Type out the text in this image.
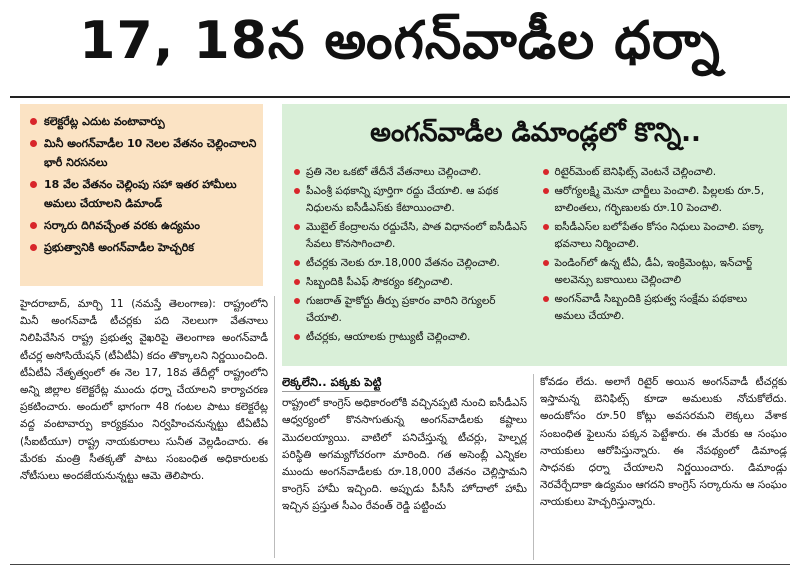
17, 18న అంగన్‌వాడీల ధర్నా
కలెక్టరేట్ల ఎదుట వంటావార్పు
మినీ అంగన్‌వాడీల 10 నెలల వేతనం చెల్లించాలని భారీ నిరసనలు
18 వేల వేతనం చెల్లింపు సహా ఇతర హామీలు అమలు చేయాలని డిమాండ్
సర్కారు దిగివచ్చేంత వరకు ఉద్యమం
ప్రభుత్వానికి అంగన్‌వాడీల హెచ్చరిక
అంగన్‌వాడీల డిమాండ్లలో కొన్ని..
ప్రతి నెల ఒకటో తేదీనే వేతనాలు చెల్లించాలి.
పీఎంశ్రీ పథకాన్ని పూర్తిగా రద్దు చేయాలి. ఆ పథక నిధులను ఐసీడీఎస్‌కు కేటాయించాలి.
మొబైల్ కేంద్రాలను రద్దుచేసి, పాత విధానంలో ఐసీడీఎస్ సేవలు కొనసాగించాలి.
టీచర్లకు నెలకు రూ.18,000 వేతనం చెల్లించాలి.
సిబ్బందికి పీఎఫ్ సౌకర్యం కల్పించాలి.
గుజరాత్ హైకోర్టు తీర్పు ప్రకారం వారిని రెగ్యులర్ చేయాలి.
టీచర్లకు, ఆయాలకు గ్రాట్యుటీ చెల్లించాలి.
రిటైర్‌మెంట్ బెనిఫిట్స్ వెంటనే చెల్లించాలి.
ఆరోగ్యలక్ష్మి మెనూ చార్జీలు పెంచాలి. పిల్లలకు రూ.5, బాలింతలు, గర్భిణులకు రూ.10 పెంచాలి.
ఐసీడీఎస్‌ల బలోపేతం కోసం నిధులు పెంచాలి. పక్కా భవనాలు నిర్మించాలి.
పెండింగ్‌లో ఉన్న టీఏ, డీఏ, ఇంక్రిమెంట్లు, ఇన్‌చార్జ్ అలవెన్సు బకాయిలు చెల్లించాలి
అంగన్‌వాడీ సిబ్బందికి ప్రభుత్వ సంక్షేమ పథకాలు అమలు చేయాలి.
హైదరాబాద్, మార్చి 11 (నమస్తే తెలంగాణ): రాష్ట్రంలోని మినీ అంగన్‌వాడీ టీచర్లకు పది నెలలుగా వేతనాలు నిలిపివేసిన రాష్ట్ర ప్రభుత్వ వైఖరిపై తెలంగాణ అంగన్‌వాడీ టీచర్ల అసోసియేషన్ (టీఏటీఏ) కదం తొక్కాలని నిర్ణయించింది. టీఏటీఏ నేతృత్వంలో ఈ నెల 17, 18వ తేదీల్లో రాష్ట్రంలోని అన్ని జిల్లాల కలెక్టరేట్ల ముందు ధర్నా చేయాలని కార్యాచరణ ప్రకటించారు. అందులో భాగంగా 48 గంటల పాటు కలెక్టరేట్ల వద్ద వంటావార్పు కార్యక్రమం నిర్వహించనున్నట్టు టీఏటీఏ (సీఐటీయూ) రాష్ట్ర నాయకురాలు సునీత వెల్లడించారు. ఈ మేరకు మంత్రి సీతక్కతో పాటు సంబంధిత అధికారులకు నోటీసులు అందజేయనున్నట్టు ఆమె తెలిపారు.
లెక్కలేని.. పక్కకు పెట్టి
రాష్ట్రంలో కాంగ్రెస్ అధికారంలోకి వచ్చినప్పటి నుంచి ఐసీడీఎస్ ఆధ్వర్యంలో కొనసాగుతున్న అంగన్‌వాడీలకు కష్టాలు మొదలయ్యాయి. వాటిలో పనిచేస్తున్న టీచర్లు, హెల్పర్ల పరిస్థితి అగమ్యగోచరంగా మారింది. గత అసెంబ్లీ ఎన్నికల ముందు అంగన్‌వాడీలకు రూ.18,000 వేతనం చెల్లిస్తామని కాంగ్రెస్ హామీ ఇచ్చింది. అప్పుడు పీసీసీ హోదాలో హామీ ఇచ్చిన ప్రస్తుత సీఎం రేవంత్ రెడ్డి పట్టించు
కోవడం లేదు. అలాగే రిటైర్ అయిన అంగన్‌వాడీ టీచర్లకు ఇస్తామన్న బెనిఫిట్స్ కూడా అమలుకు నోచుకోలేదు. అందుకోసం రూ.50 కోట్లు అవసరమని లెక్కలు వేశాక సంబంధిత ఫైలును పక్కన పెట్టేశారు. ఈ మేరకు ఆ సంఘం నాయకులు ఆరోపిస్తున్నారు. ఈ నేపథ్యంలో డిమాండ్ల సాధనకు ధర్నా చేయాలని నిర్ణయించారు. డిమాండ్లు నెరవేర్చేదాకా ఉద్యమం ఆగదని కాంగ్రెస్ సర్కారును ఆ సంఘం నాయకులు హెచ్చరిస్తున్నారు.
